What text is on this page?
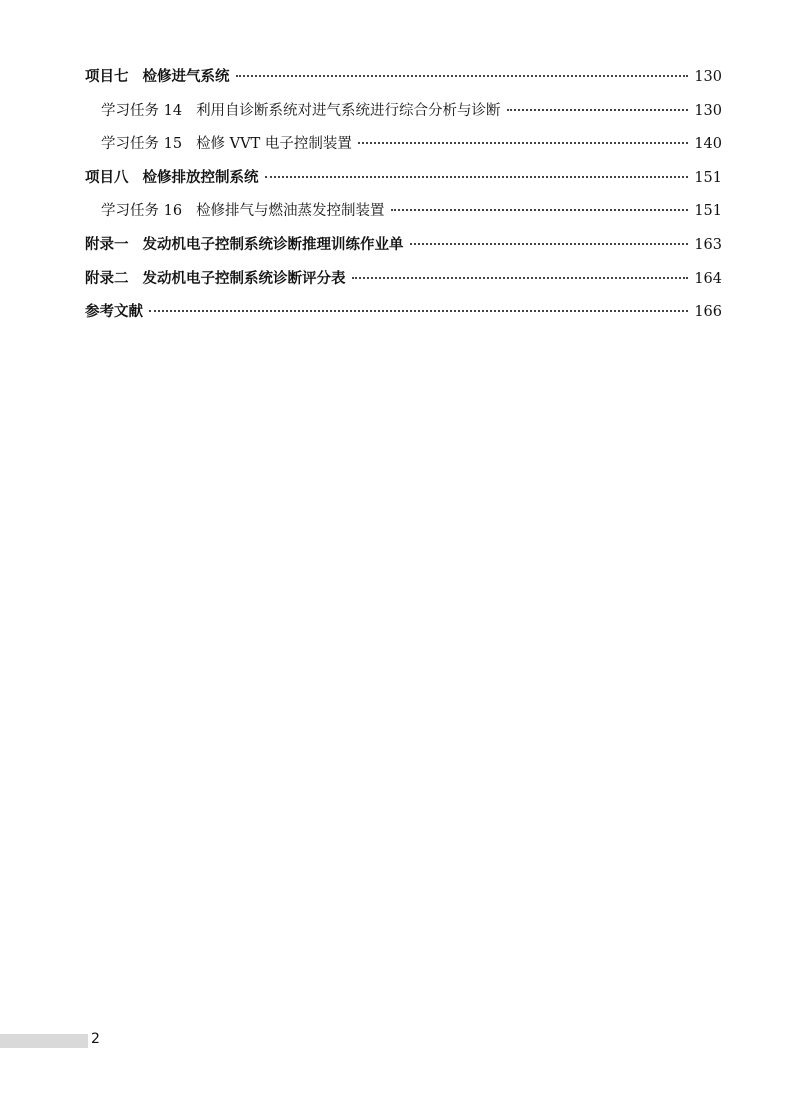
项目七 检修进气系统	130
学习任务 14 利用自诊断系统对进气系统进行综合分析与诊断	130
学习任务 15 检修 VVT 电子控制装置	140
项目八 检修排放控制系统	151
学习任务 16 检修排气与燃油蒸发控制装置	151
附录一 发动机电子控制系统诊断推理训练作业单	163
附录二 发动机电子控制系统诊断评分表	164
参考文献	166
2
